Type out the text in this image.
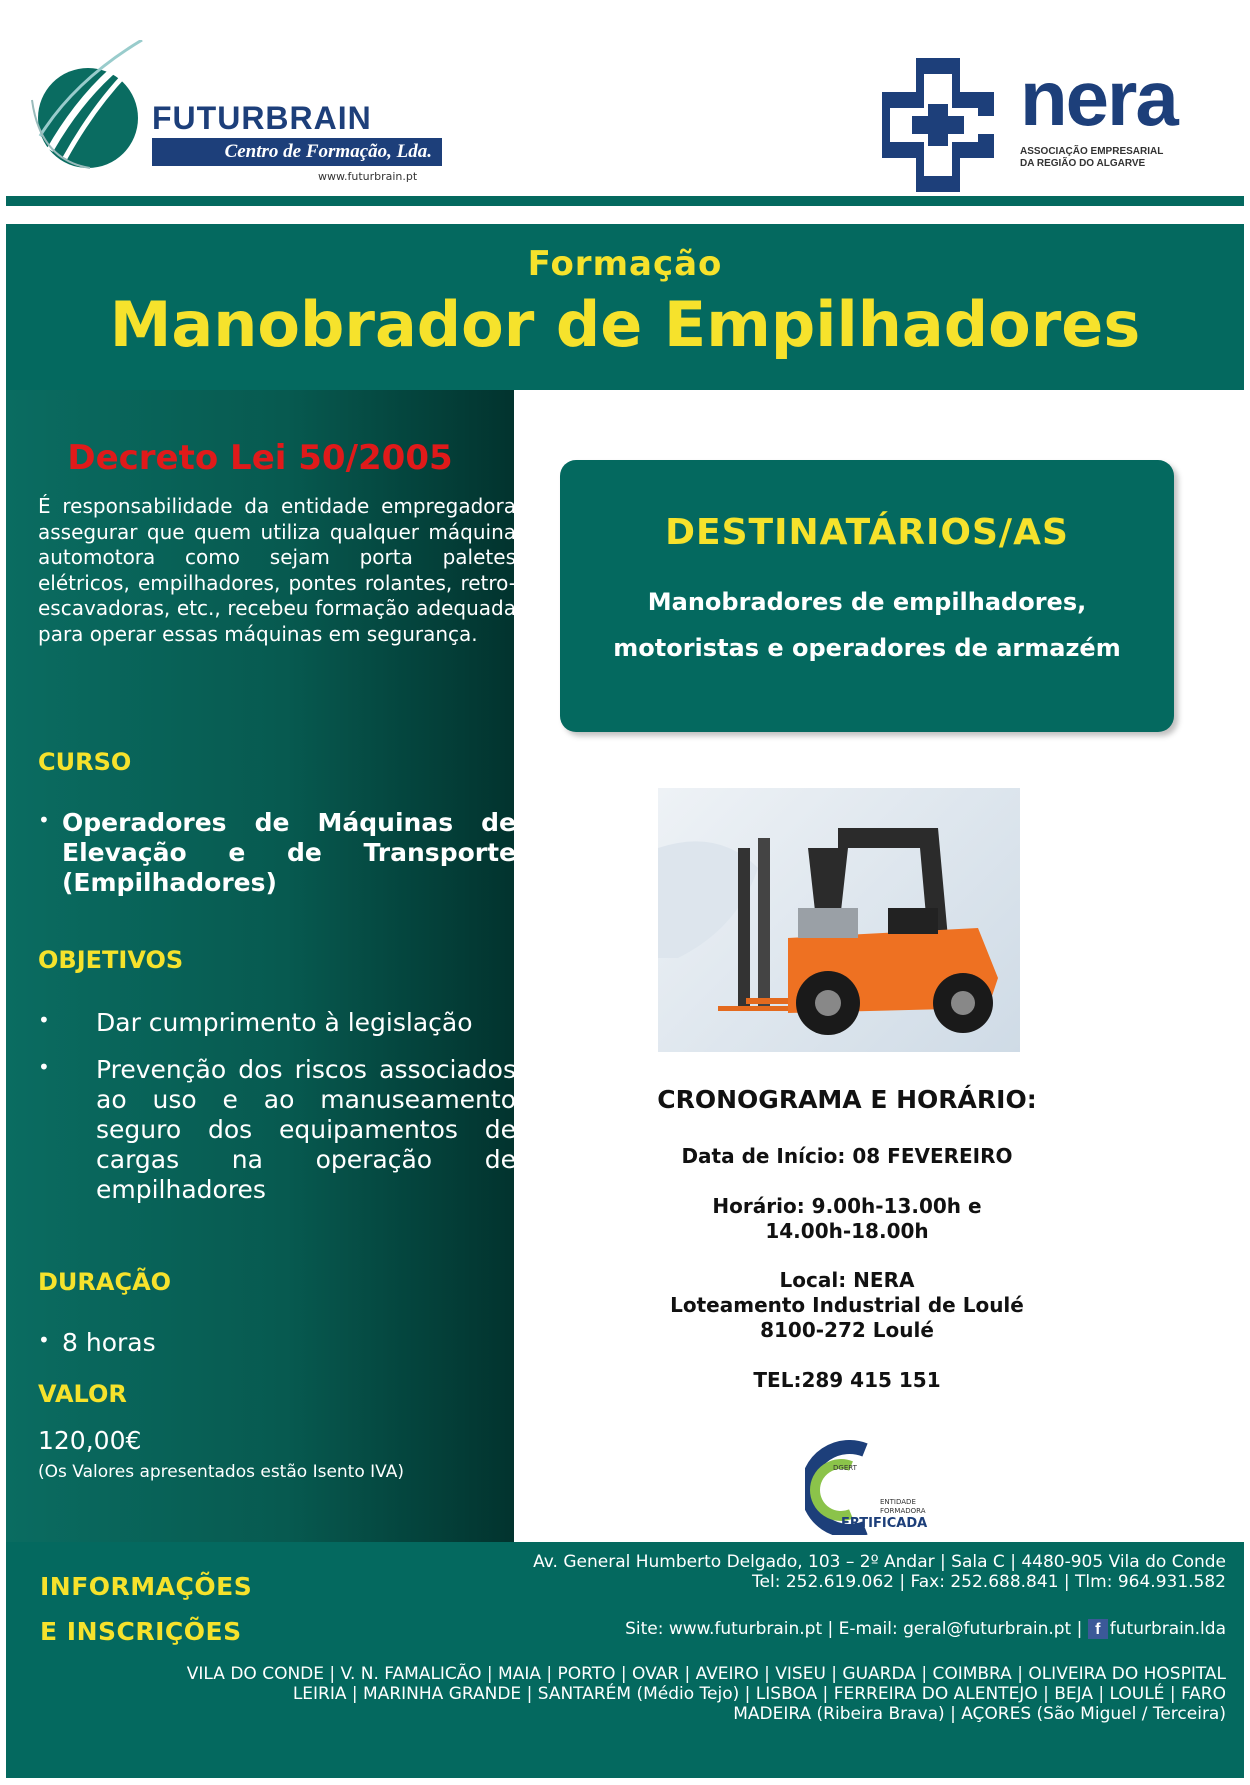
FUTURBRAIN
Centro de Formação, Lda.
www.futurbrain.pt
nera
ASSOCIAÇÃO EMPRESARIAL
DA REGIÃO DO ALGARVE
Formação
Manobrador de Empilhadores
Decreto Lei 50/2005
É responsabilidade da entidade empregadora assegurar que quem utiliza qualquer máquina automotora como sejam porta paletes elétricos, empilhadores, pontes rolantes, retro-escavadoras, etc., recebeu formação adequada para operar essas máquinas em segurança.
CURSO
• Operadores de Máquinas de Elevação e de Transporte (Empilhadores)
OBJETIVOS
• Dar cumprimento à legislação
• Prevenção dos riscos associados ao uso e ao manuseamento seguro dos equipamentos de cargas na operação de empilhadores
DURAÇÃO
• 8 horas
VALOR
120,00€
(Os Valores apresentados estão Isento IVA)
DESTINATÁRIOS/AS
Manobradores de empilhadores,
motoristas e operadores de armazém
CRONOGRAMA E HORÁRIO:
Data de Início: 08 FEVEREIRO
Horário: 9.00h-13.00h e
14.00h-18.00h
Local: NERA
Loteamento Industrial de Loulé
8100-272 Loulé
TEL:289 415 151
ENTIDADE FORMADORA
ERTIFICADA
DGERT
INFORMAÇÕES
E INSCRIÇÕES
Av. General Humberto Delgado, 103 – 2º Andar | Sala C | 4480-905 Vila do Conde
Tel: 252.619.062 | Fax: 252.688.841 | Tlm: 964.931.582
Site: www.futurbrain.pt | E-mail: geral@futurbrain.pt | f futurbrain.lda
VILA DO CONDE | V. N. FAMALICÃO | MAIA | PORTO | OVAR | AVEIRO | VISEU | GUARDA | COIMBRA | OLIVEIRA DO HOSPITAL
LEIRIA | MARINHA GRANDE | SANTARÉM (Médio Tejo) | LISBOA | FERREIRA DO ALENTEJO | BEJA | LOULÉ | FARO
MADEIRA (Ribeira Brava) | AÇORES (São Miguel / Terceira)
